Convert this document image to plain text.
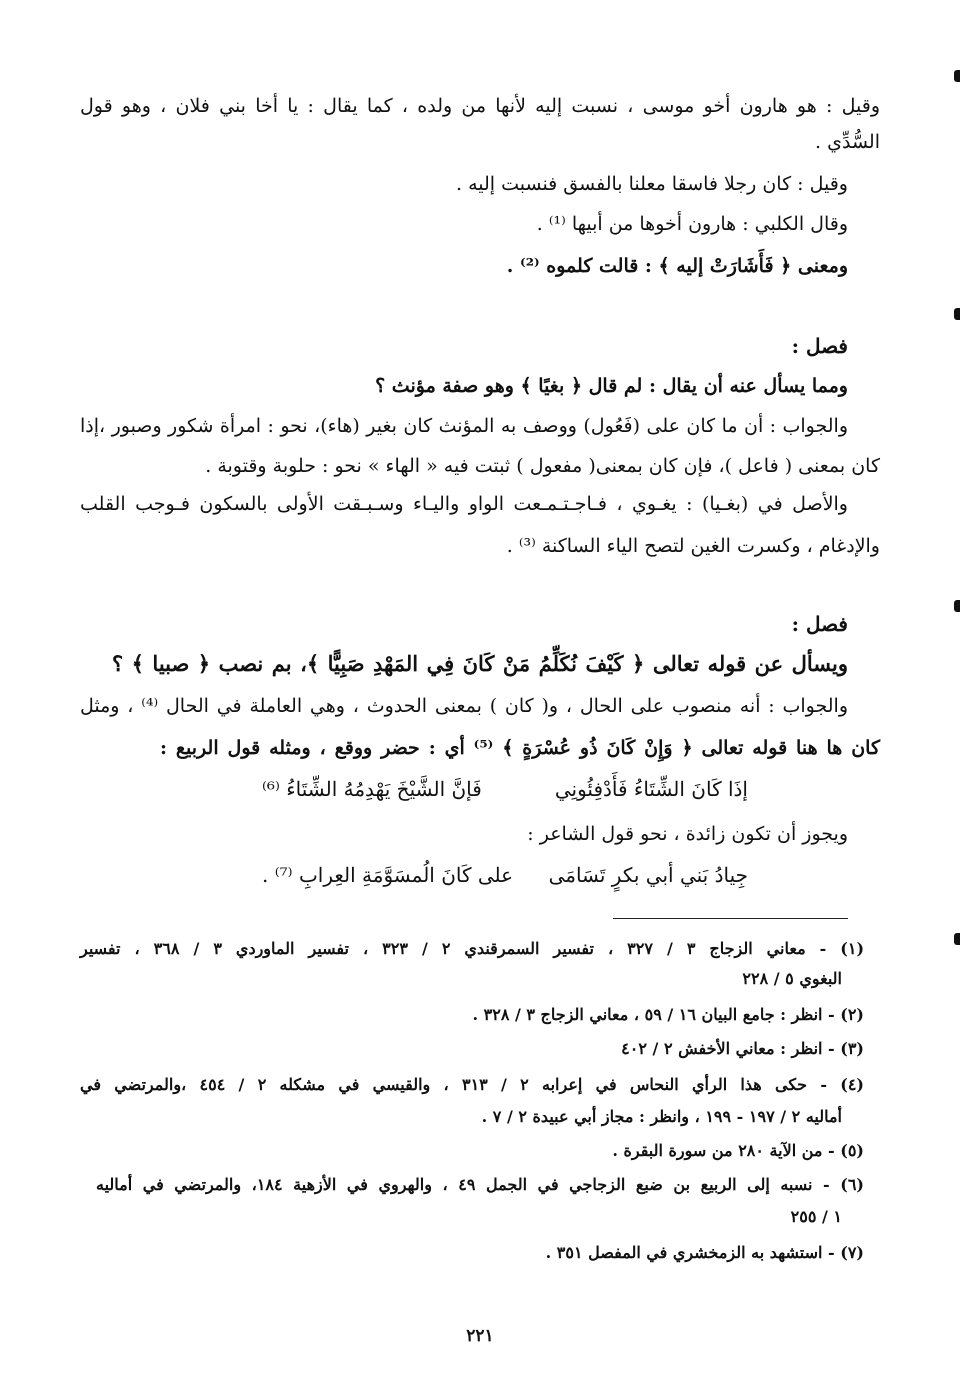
وقيل : هو هارون أخو موسى ، نسبت إليه لأنها من ولده ، كما يقال : يا أخا بني فلان ، وهو قول
السُّدِّي .
وقيل : كان رجلا فاسقا معلنا بالفسق فنسبت إليه .
وقال الكلبي : هارون أخوها من أبيها ⁽¹⁾ .
ومعنى ﴿ فَأَشَارَتْ إليه ﴾ : قالت كلموه ⁽²⁾ .
فصل :
ومما يسأل عنه أن يقال : لم قال ﴿ بغيًا ﴾ وهو صفة مؤنث ؟
والجواب : أن ما كان على (فَعُول) ووصف به المؤنث كان بغير (هاء)، نحو : امرأة شكور وصبور ،إذا
كان بمعنى ( فاعل )، فإن كان بمعنى( مفعول ) ثبتت فيه « الهاء » نحو : حلوبة وقتوبة .
والأصل في (بغـيا) : يغـوي ، فـاجـتـمـعت الواو واليـاء وسـبـقت الأولى بالسكون فـوجب القلب
والإدغام ، وكسرت الغين لتصح الياء الساكنة ⁽³⁾ .
فصل :
ويسأل عن قوله تعالى ﴿ كَيْفَ نُكَلِّمُ مَنْ كَانَ فِي المَهْدِ صَبِيًّا ﴾، بم نصب ﴿ صبيا ﴾ ؟
والجواب : أنه منصوب على الحال ، و( كان ) بمعنى الحدوث ، وهي العاملة في الحال ⁽⁴⁾ ، ومثل
كان ها هنا قوله تعالى ﴿ وَإِنْ كَانَ ذُو عُسْرَةٍ ﴾ ⁽⁵⁾ أي : حضر ووقع ، ومثله قول الربيع :
إذَا كَانَ الشِّتَاءُ فَأَدْفِئُونِي
فَإنَّ الشَّيْخَ يَهْدِمُهُ الشِّتَاءُ ⁽⁶⁾
ويجوز أن تكون زائدة ، نحو قول الشاعر :
جِيادُ بَني أبي بكرٍ تَسَامَى
على كَانَ الُمسَوَّمَةِ العِرابِ ⁽⁷⁾ .
(١) - معاني الزجاج ٣ / ٣٢٧ ، تفسير السمرقندي ٢ / ٣٢٣ ، تفسير الماوردي ٣ / ٣٦٨ ، تفسير
البغوي ٥ / ٢٢٨
(٢) - انظر : جامع البيان ١٦ / ٥٩ ، معاني الزجاج ٣ / ٣٢٨ .
(٣) - انظر : معاني الأخفش ٢ / ٤٠٢
(٤) - حكى هذا الرأي النحاس في إعرابه ٢ / ٣١٣ ، والقيسي في مشكله ٢ / ٤٥٤ ،والمرتضي في
أماليه ٢ / ١٩٧ - ١٩٩ ، وانظر : مجاز أبي عبيدة ٢ / ٧ .
(٥) - من الآية ٢٨٠ من سورة البقرة .
(٦) - نسبه إلى الربيع بن ضبع الزجاجي في الجمل ٤٩ ، والهروي في الأزهية ١٨٤، والمرتضي في أماليه
١ / ٢٥٥
(٧) - استشهد به الزمخشري في المفصل ٣٥١ .
٢٢١
